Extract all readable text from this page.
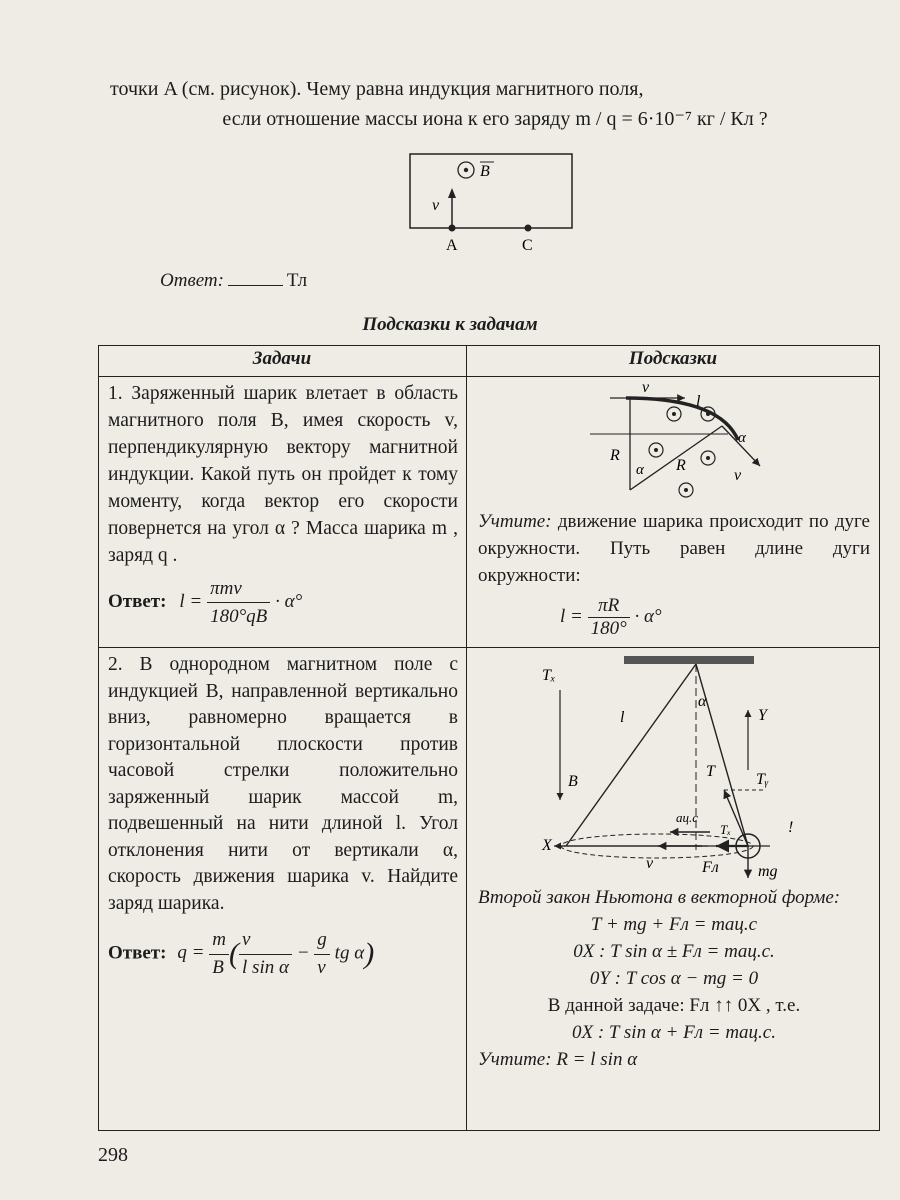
точки A (см. рисунок). Чему равна индукция магнитного поля,
если отношение массы иона к его заряду m / q = 6·10⁻⁷ кг / Кл ?
B
v
A	C
Ответ:	Тл
Подсказки к задачам
Задачи	Подсказки
1. Заряженный шарик влетает в область магнитного поля B, имея скорость v, перпендикулярную вектору магнитной индукции. Какой путь он пройдет к тому моменту, когда вектор его скорости повернется на угол α ? Масса шарика m , заряд q .
Ответ: $l = \frac{\text{πmv}}{180^\circ qB} \cdot \alpha^\circ$
v
l
R
R
α
α
v
Учтите: движение шарика происходит по дуге окружности. Путь равен длине дуги окружности:
$l = \frac{\pi R}{180^\circ} \cdot \alpha^\circ$
2. В однородном магнитном поле с индукцией B, направленной вертикально вниз, равномерно вращается в горизонтальной плоскости против часовой стрелки положительно заряженный шарик массой m, подвешенный на нити длиной l. Угол отклонения нити от вертикали α, скорость движения шарика v. Найдите заряд шарика.
Ответ: $q = \frac{m}{B}$ ( $\frac{v}{\text{l sin α}} - \frac{g}{v}$ tg α)
Tₓ
α
Y
l
B
T	Tᵧ
aц.с
X
v	Fл mg
Tₓ	!
Второй закон Ньютона в векторной форме:
T + mg + Fл = maц.с
0X : T sin α ± Fл = maц.с.
0Y : T cos α − mg = 0
В данной задаче: Fл ↑↑ 0X , т.е.
0X : T sin α + Fл = maц.с.
Учтите: R = l sin α
298
